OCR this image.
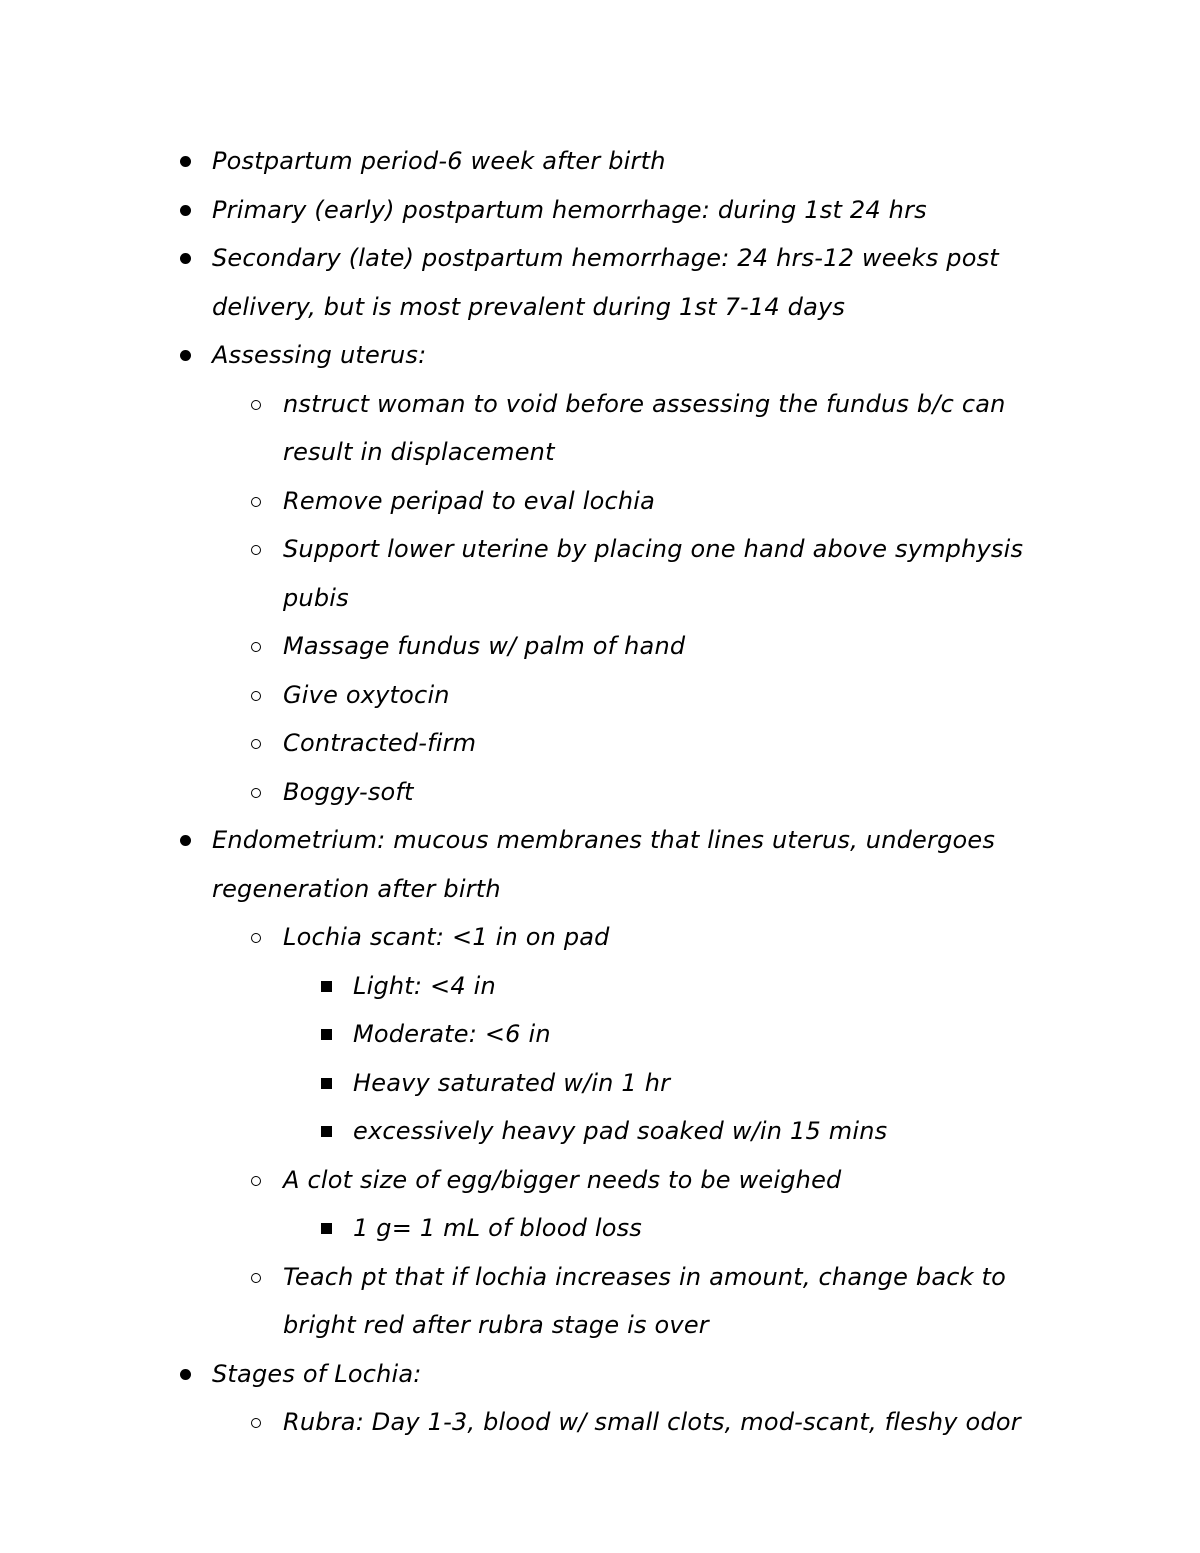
Postpartum period-6 week after birth
Primary (early) postpartum hemorrhage: during 1st 24 hrs
Secondary (late) postpartum hemorrhage: 24 hrs-12 weeks post delivery, but is most prevalent during 1st 7-14 days
Assessing uterus:
nstruct woman to void before assessing the fundus b/c can result in displacement
Remove peripad to eval lochia
Support lower uterine by placing one hand above symphysis pubis
Massage fundus w/ palm of hand
Give oxytocin
Contracted-firm
Boggy-soft
Endometrium: mucous membranes that lines uterus, undergoes regeneration after birth
Lochia scant: <1 in on pad
Light: <4 in
Moderate: <6 in
Heavy saturated w/in 1 hr
excessively heavy pad soaked w/in 15 mins
A clot size of egg/bigger needs to be weighed
1 g= 1 mL of blood loss
Teach pt that if lochia increases in amount, change back to bright red after rubra stage is over
Stages of Lochia:
Rubra: Day 1-3, blood w/ small clots, mod-scant, fleshy odor
